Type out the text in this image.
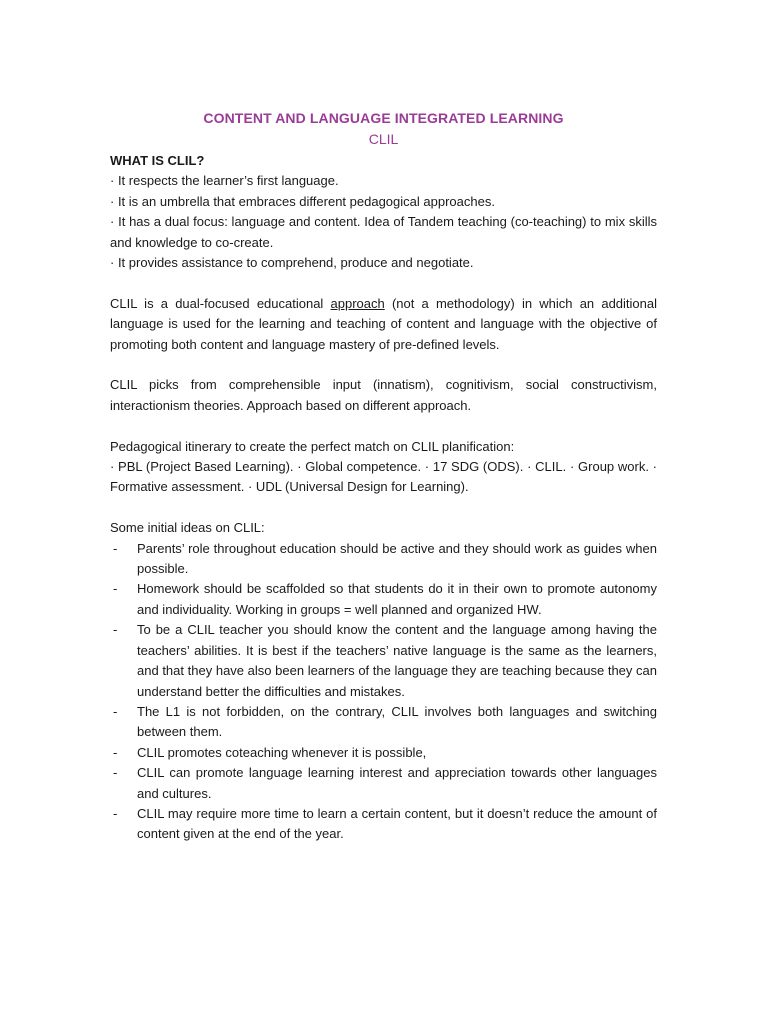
CONTENT AND LANGUAGE INTEGRATED LEARNING
CLIL
WHAT IS CLIL?

· It respects the learner’s first language.

· It is an umbrella that embraces different pedagogical approaches.

· It has a dual focus: language and content. Idea of Tandem teaching (co-teaching) to mix skills and knowledge to co-create.

· It provides assistance to comprehend, produce and negotiate.

CLIL is a dual-focused educational approach (not a methodology) in which an additional language is used for the learning and teaching of content and language with the objective of promoting both content and language mastery of pre-defined levels.

CLIL picks from comprehensible input (innatism), cognitivism, social constructivism, interactionism theories. Approach based on different approach.

Pedagogical itinerary to create the perfect match on CLIL planification:

· PBL (Project Based Learning). · Global competence. · 17 SDG (ODS). · CLIL. · Group work. · Formative assessment. · UDL (Universal Design for Learning).

Some initial ideas on CLIL:

- Parents’ role throughout education should be active and they should work as guides when possible.
- Homework should be scaffolded so that students do it in their own to promote autonomy and individuality. Working in groups = well planned and organized HW.
- To be a CLIL teacher you should know the content and the language among having the teachers’ abilities. It is best if the teachers’ native language is the same as the learners, and that they have also been learners of the language they are teaching because they can understand better the difficulties and mistakes.
- The L1 is not forbidden, on the contrary, CLIL involves both languages and switching between them.
- CLIL promotes coteaching whenever it is possible,
- CLIL can promote language learning interest and appreciation towards other languages and cultures.
- CLIL may require more time to learn a certain content, but it doesn’t reduce the amount of content given at the end of the year.
